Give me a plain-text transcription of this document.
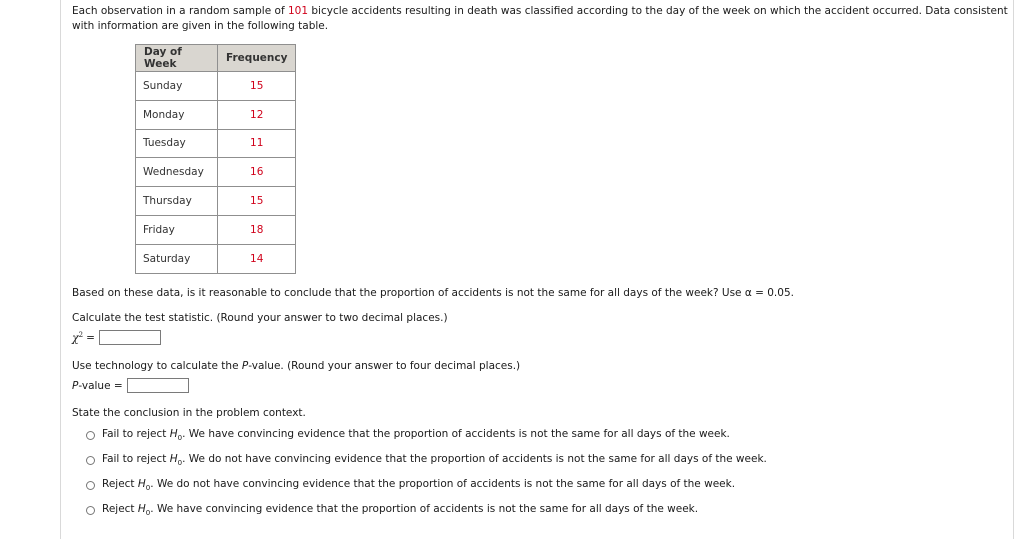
Each observation in a random sample of 101 bicycle accidents resulting in death was classified according to the day of the week on which the accident occurred. Data consistent with information are given in the following table.

Day of Week	Frequency
Sunday	15
Monday	12
Tuesday	11
Wednesday	16
Thursday	15
Friday	18
Saturday	14

Based on these data, is it reasonable to conclude that the proportion of accidents is not the same for all days of the week? Use α = 0.05.

Calculate the test statistic. (Round your answer to two decimal places.)

$\chi^2$ =

Use technology to calculate the P-value. (Round your answer to four decimal places.)

P-value =

State the conclusion in the problem context.

Fail to reject $H_0$. We have convincing evidence that the proportion of accidents is not the same for all days of the week.
Fail to reject $H_0$. We do not have convincing evidence that the proportion of accidents is not the same for all days of the week.
Reject $H_0$. We do not have convincing evidence that the proportion of accidents is not the same for all days of the week.
Reject $H_0$. We have convincing evidence that the proportion of accidents is not the same for all days of the week.
